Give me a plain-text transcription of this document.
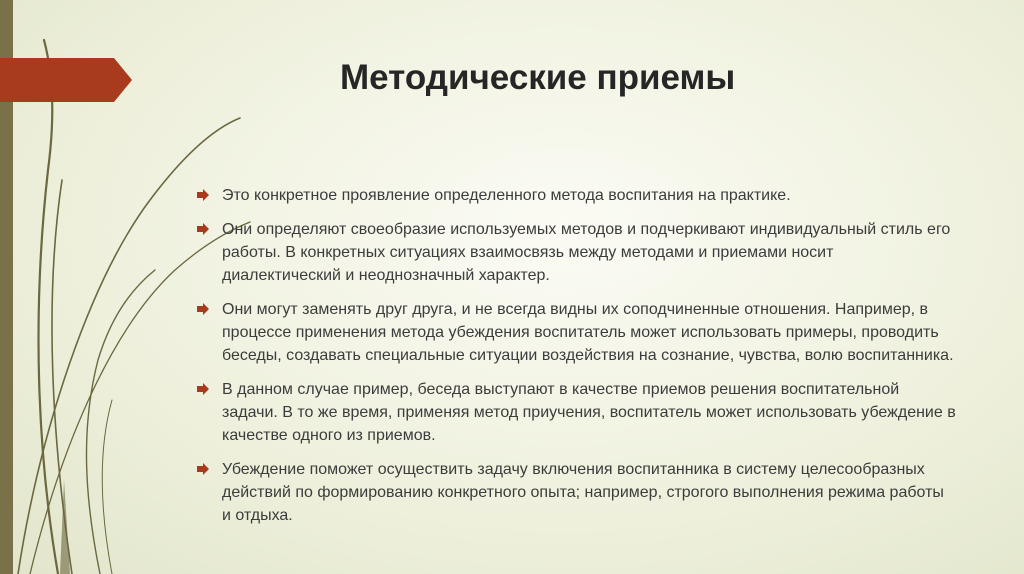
Методические приемы
Это конкретное проявление определенного метода воспитания на практике.
Они определяют своеобразие используемых методов и подчеркивают индивидуальный стиль его работы. В конкретных ситуациях взаимосвязь между методами и приемами носит диалектический и неоднозначный характер.
Они могут заменять друг друга, и не всегда видны их соподчиненные отношения. Например, в процессе применения метода убеждения воспитатель может использовать примеры, проводить беседы, создавать специальные ситуации воздействия на сознание, чувства, волю воспитанника.
В данном случае пример, беседа выступают в качестве приемов решения воспитательной задачи. В то же время, применяя метод приучения, воспитатель может использовать убеждение в качестве одного из приемов.
Убеждение поможет осуществить задачу включения воспитанника в систему целесообразных действий по формированию конкретного опыта; например, строгого выполнения режима работы и отдыха.
